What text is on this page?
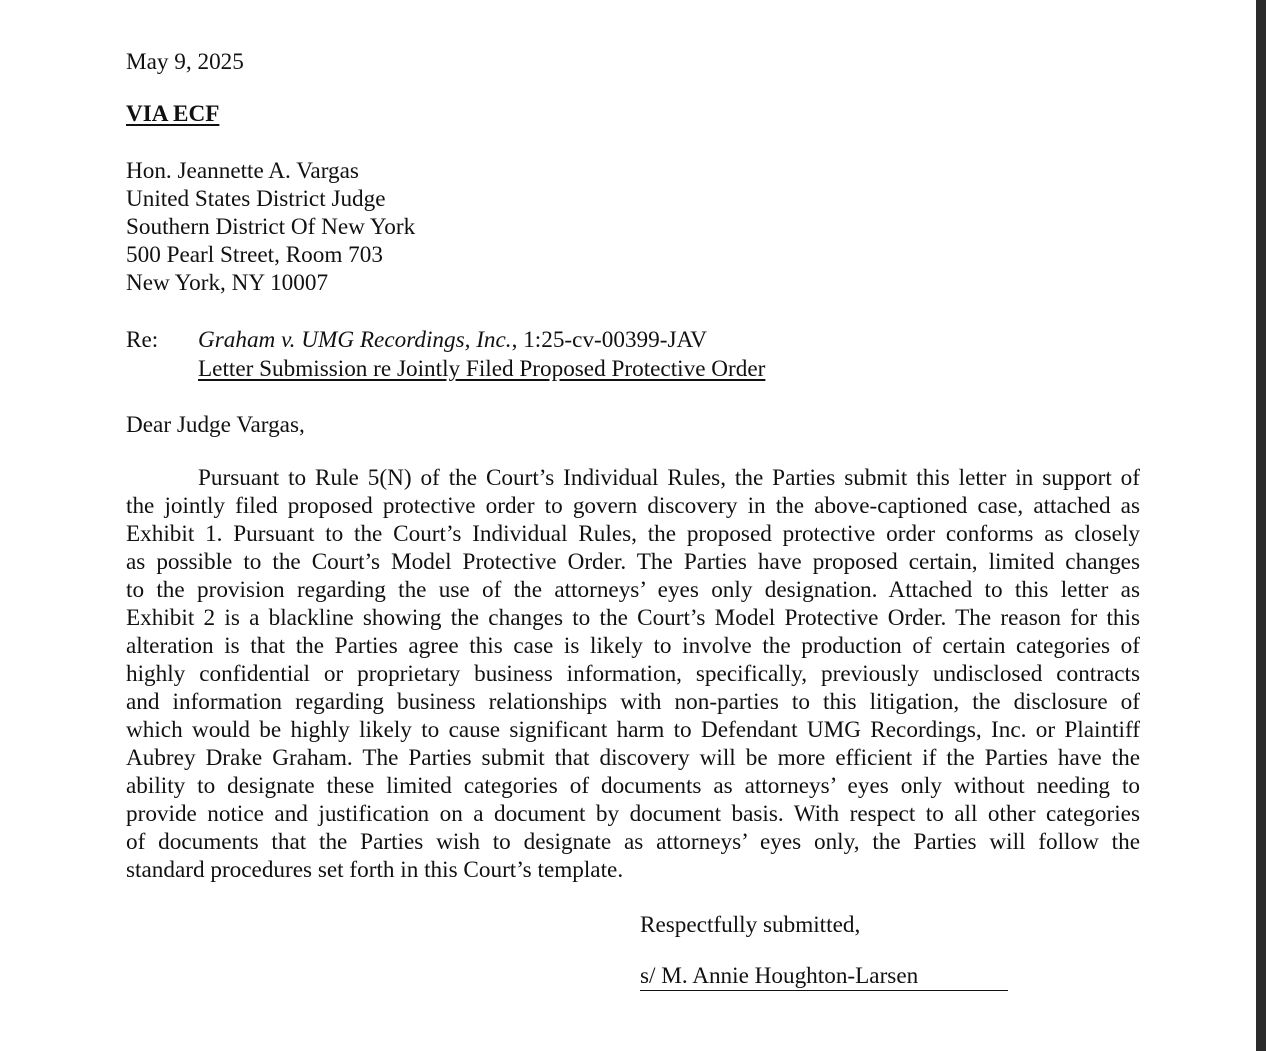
May 9, 2025
VIA ECF
Hon. Jeannette A. Vargas
United States District Judge
Southern District Of New York
500 Pearl Street, Room 703
New York, NY 10007
Re: Graham v. UMG Recordings, Inc., 1:25-cv-00399-JAV
Letter Submission re Jointly Filed Proposed Protective Order
Dear Judge Vargas,
Pursuant to Rule 5(N) of the Court’s Individual Rules, the Parties submit this letter in support of
the jointly filed proposed protective order to govern discovery in the above-captioned case, attached as
Exhibit 1. Pursuant to the Court’s Individual Rules, the proposed protective order conforms as closely
as possible to the Court’s Model Protective Order. The Parties have proposed certain, limited changes
to the provision regarding the use of the attorneys’ eyes only designation. Attached to this letter as
Exhibit 2 is a blackline showing the changes to the Court’s Model Protective Order. The reason for this
alteration is that the Parties agree this case is likely to involve the production of certain categories of
highly confidential or proprietary business information, specifically, previously undisclosed contracts
and information regarding business relationships with non-parties to this litigation, the disclosure of
which would be highly likely to cause significant harm to Defendant UMG Recordings, Inc. or Plaintiff
Aubrey Drake Graham. The Parties submit that discovery will be more efficient if the Parties have the
ability to designate these limited categories of documents as attorneys’ eyes only without needing to
provide notice and justification on a document by document basis. With respect to all other categories
of documents that the Parties wish to designate as attorneys’ eyes only, the Parties will follow the
standard procedures set forth in this Court’s template.
Respectfully submitted,
s/ M. Annie Houghton-Larsen
